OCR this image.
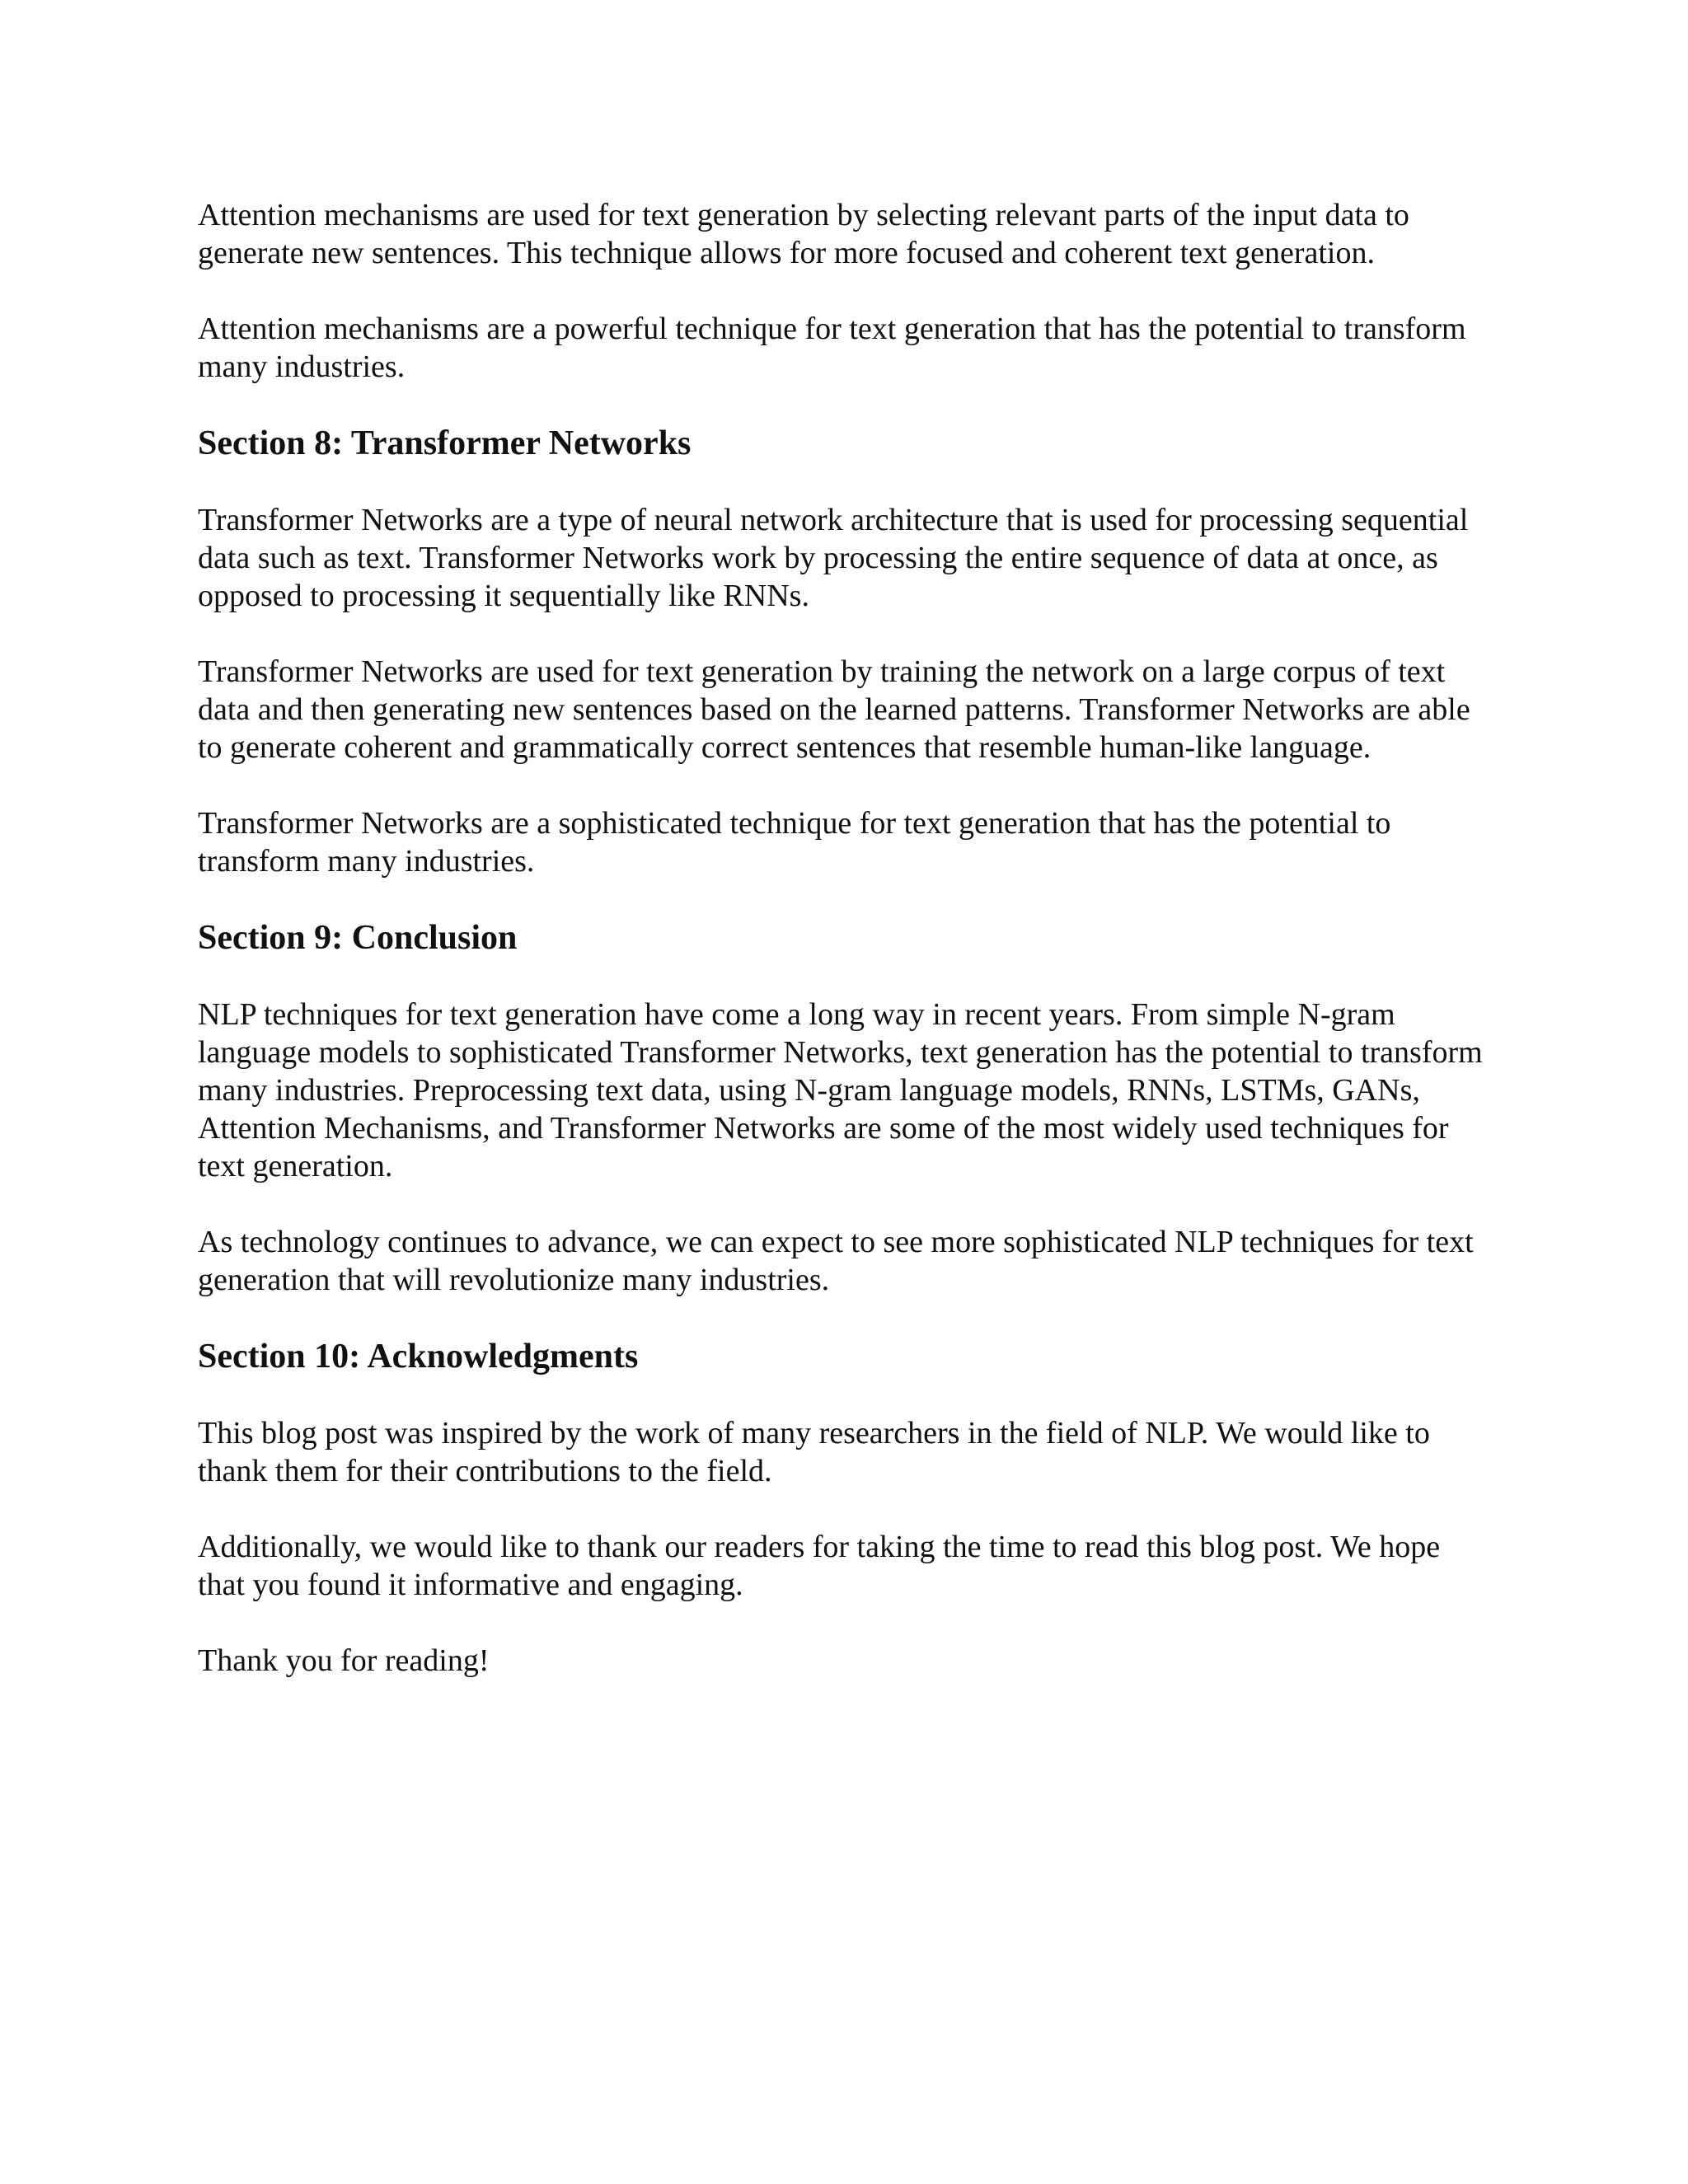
Attention mechanisms are used for text generation by selecting relevant parts of the input data to generate new sentences. This technique allows for more focused and coherent text generation.

Attention mechanisms are a powerful technique for text generation that has the potential to transform many industries.

Section 8: Transformer Networks

Transformer Networks are a type of neural network architecture that is used for processing sequential data such as text. Transformer Networks work by processing the entire sequence of data at once, as opposed to processing it sequentially like RNNs.

Transformer Networks are used for text generation by training the network on a large corpus of text data and then generating new sentences based on the learned patterns. Transformer Networks are able to generate coherent and grammatically correct sentences that resemble human-like language.

Transformer Networks are a sophisticated technique for text generation that has the potential to transform many industries.

Section 9: Conclusion

NLP techniques for text generation have come a long way in recent years. From simple N-gram language models to sophisticated Transformer Networks, text generation has the potential to transform many industries. Preprocessing text data, using N-gram language models, RNNs, LSTMs, GANs, Attention Mechanisms, and Transformer Networks are some of the most widely used techniques for text generation.

As technology continues to advance, we can expect to see more sophisticated NLP techniques for text generation that will revolutionize many industries.

Section 10: Acknowledgments

This blog post was inspired by the work of many researchers in the field of NLP. We would like to thank them for their contributions to the field.

Additionally, we would like to thank our readers for taking the time to read this blog post. We hope that you found it informative and engaging.

Thank you for reading!
